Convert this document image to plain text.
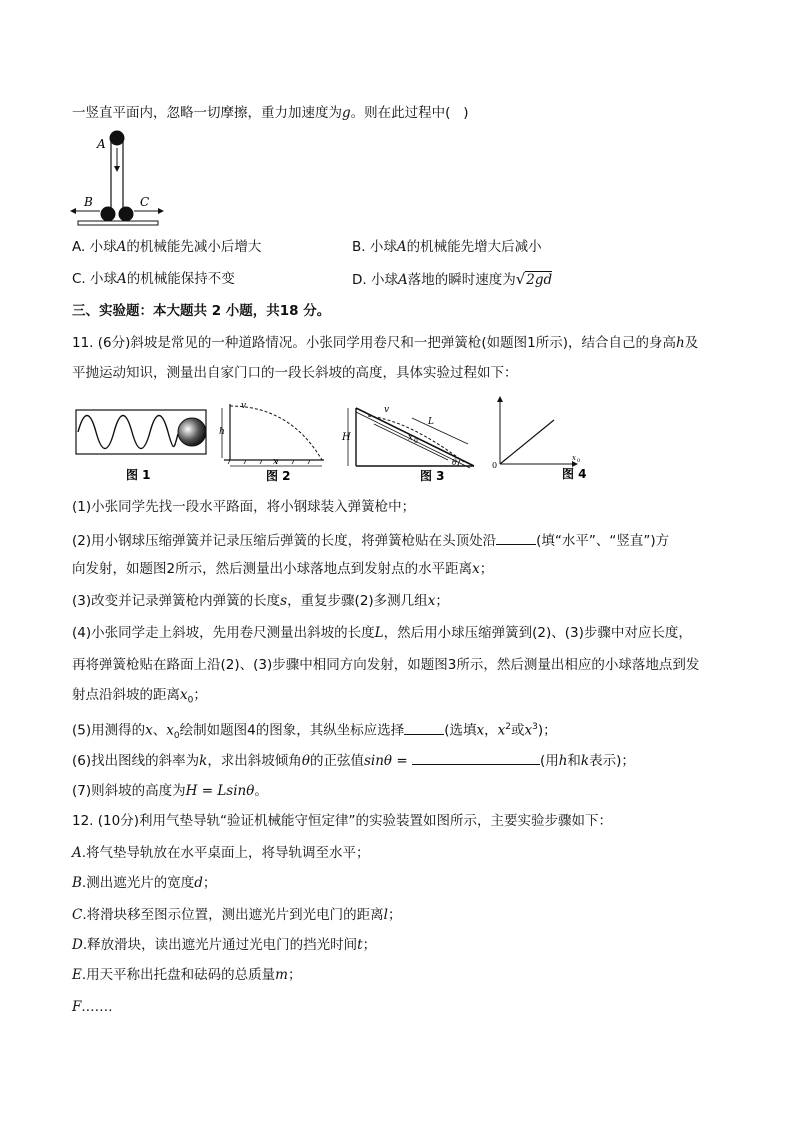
一竖直平面内，忽略一切摩擦，重力加速度为g。则在此过程中(   )
A
B	C
A. 小球A的机械能先减小后增大	B. 小球A的机械能先增大后减小
C. 小球A的机械能保持不变	D. 小球A落地的瞬时速度为√2gd
三、实验题：本大题共 2 小题，共18 分。
11. (6分)斜坡是常见的一种道路情况。小张同学用卷尺和一把弹簧枪(如题图1所示)，结合自己的身高h及
平抛运动知识，测量出自家门口的一段长斜坡的高度，具体实验过程如下：
图 1
v
h
x
图 2
v
L
H	x 0
θ
图 3
0
x 0
图 4
(1)小张同学先找一段水平路面，将小钢球装入弹簧枪中；
(2)用小钢球压缩弹簧并记录压缩后弹簧的长度，将弹簧枪贴在头顶处沿	(填“水平”、“竖直”)方
向发射，如题图2所示，然后测量出小球落地点到发射点的水平距离x；
(3)改变并记录弹簧枪内弹簧的长度s，重复步骤(2)多测几组x；
(4)小张同学走上斜坡，先用卷尺测量出斜坡的长度L，然后用小球压缩弹簧到(2)、(3)步骤中对应长度，
再将弹簧枪贴在路面上沿(2)、(3)步骤中相同方向发射，如题图3所示，然后测量出相应的小球落地点到发
射点沿斜坡的距离$x_0$；
(5)用测得的x、$x_0$绘制如题图4的图象，其纵坐标应选择	(选填x，$x^2$或$x^3$)；
(6)找出图线的斜率为k，求出斜坡倾角θ的正弦值sinθ =	(用h和k表示)；
(7)则斜坡的高度为H = Lsinθ。
12. (10分)利用气垫导轨“验证机械能守恒定律”的实验装置如图所示，主要实验步骤如下：
A.将气垫导轨放在水平桌面上，将导轨调至水平；
B.测出遮光片的宽度d；
C.将滑块移至图示位置，测出遮光片到光电门的距离l；
D.释放滑块，读出遮光片通过光电门的挡光时间t；
E.用天平称出托盘和砝码的总质量m；
F.……
